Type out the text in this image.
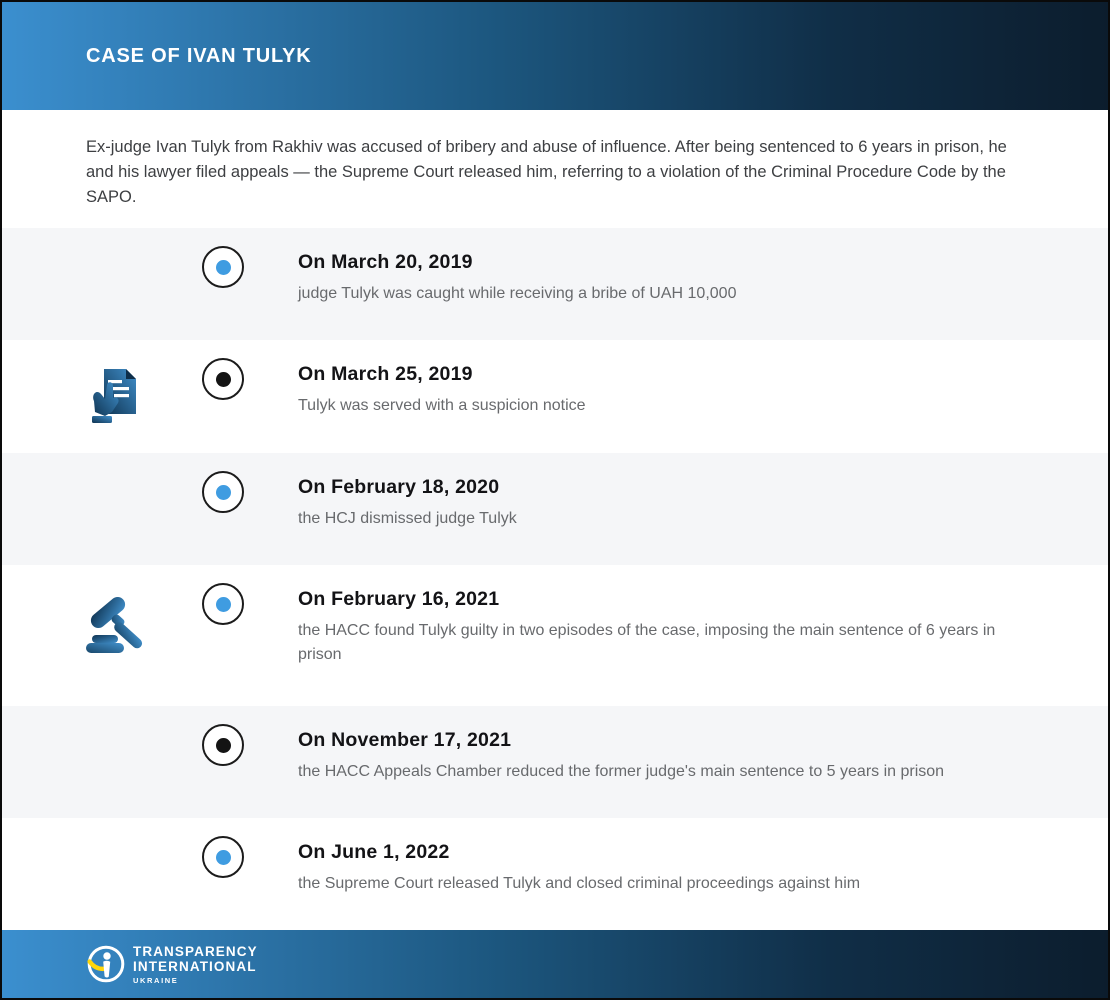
CASE OF IVAN TULYK

Ex-judge Ivan Tulyk from Rakhiv was accused of bribery and abuse of influence. After being sentenced to 6 years in prison, he and his lawyer filed appeals — the Supreme Court released him, referring to a violation of the Criminal Procedure Code by the SAPO.

On March 20, 2019

judge Tulyk was caught while receiving a bribe of UAH 10,000

On March 25, 2019

Tulyk was served with a suspicion notice

On February 18, 2020

the HCJ dismissed judge Tulyk

On February 16, 2021

the HACC found Tulyk guilty in two episodes of the case, imposing the main sentence of 6 years in prison

On November 17, 2021

the HACC Appeals Chamber reduced the former judge's main sentence to 5 years in prison

On June 1, 2022

the Supreme Court released Tulyk and closed criminal proceedings against him

TRANSPARENCY
INTERNATIONAL
UKRAINE
